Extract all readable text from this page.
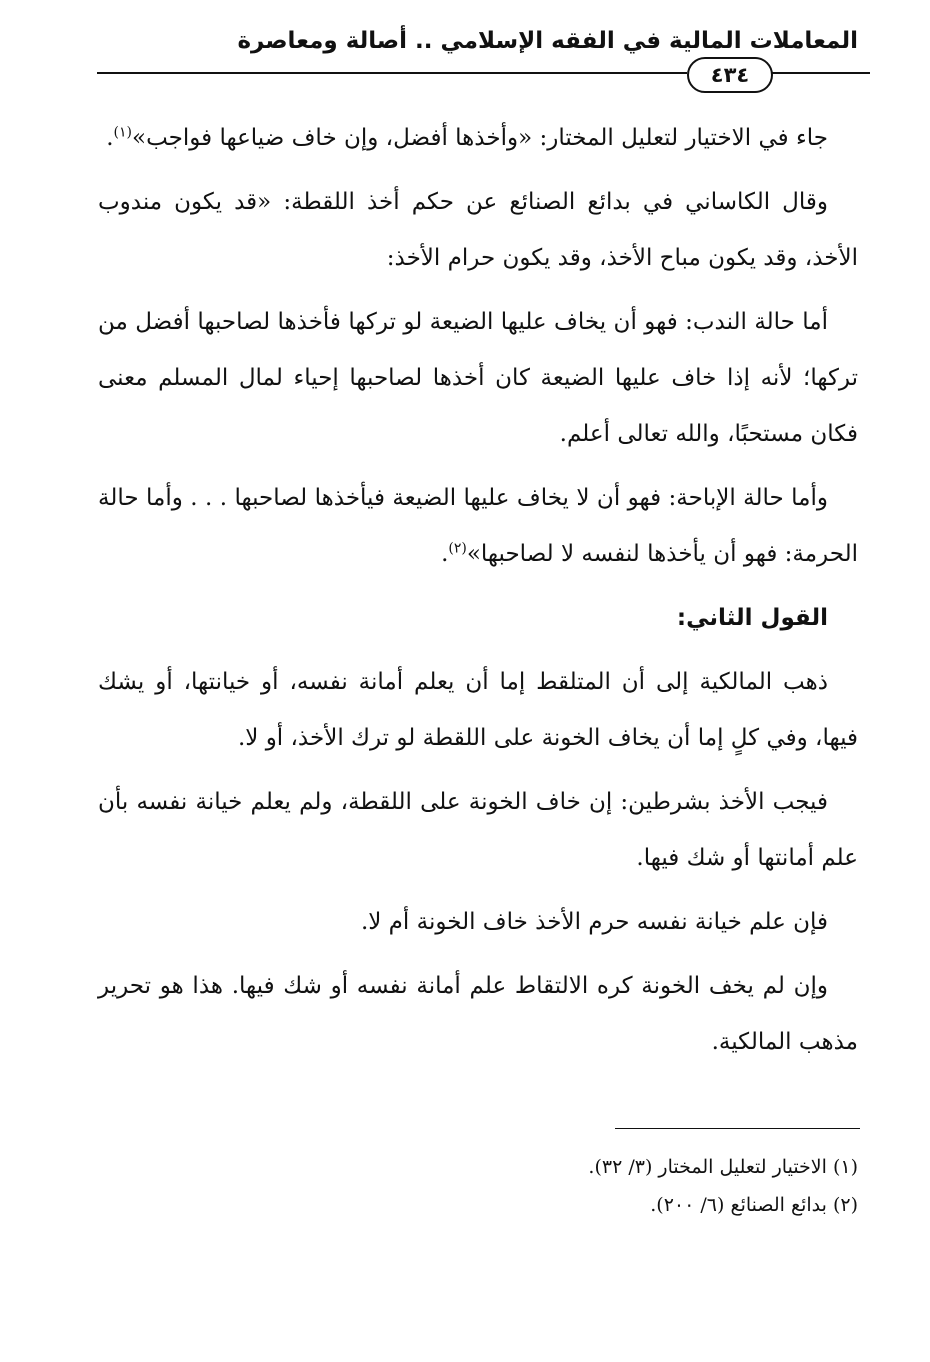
المعاملات المالية في الفقه الإسلامي .. أصالة ومعاصرة
٤٣٤

جاء في الاختيار لتعليل المختار: «وأخذها أفضل، وإن خاف ضياعها فواجب»$^{(١)}$.

وقال الكاساني في بدائع الصنائع عن حكم أخذ اللقطة: «قد يكون مندوب الأخذ، وقد يكون مباح الأخذ، وقد يكون حرام الأخذ:

أما حالة الندب: فهو أن يخاف عليها الضيعة لو تركها فأخذها لصاحبها أفضل من تركها؛ لأنه إذا خاف عليها الضيعة كان أخذها لصاحبها إحياء لمال المسلم معنى فكان مستحبًا، والله تعالى أعلم.

وأما حالة الإباحة: فهو أن لا يخاف عليها الضيعة فيأخذها لصاحبها . . . وأما حالة الحرمة: فهو أن يأخذها لنفسه لا لصاحبها»$^{(٢)}$.

القول الثاني:

ذهب المالكية إلى أن المتلقط إما أن يعلم أمانة نفسه، أو خيانتها، أو يشك فيها، وفي كلٍ إما أن يخاف الخونة على اللقطة لو ترك الأخذ، أو لا.

فيجب الأخذ بشرطين: إن خاف الخونة على اللقطة، ولم يعلم خيانة نفسه بأن علم أمانتها أو شك فيها.

فإن علم خيانة نفسه حرم الأخذ خاف الخونة أم لا.

وإن لم يخف الخونة كره الالتقاط علم أمانة نفسه أو شك فيها. هذا هو تحرير مذهب المالكية.

(١) الاختيار لتعليل المختار (٣/ ٣٢).
(٢) بدائع الصنائع (٦/ ٢٠٠).
